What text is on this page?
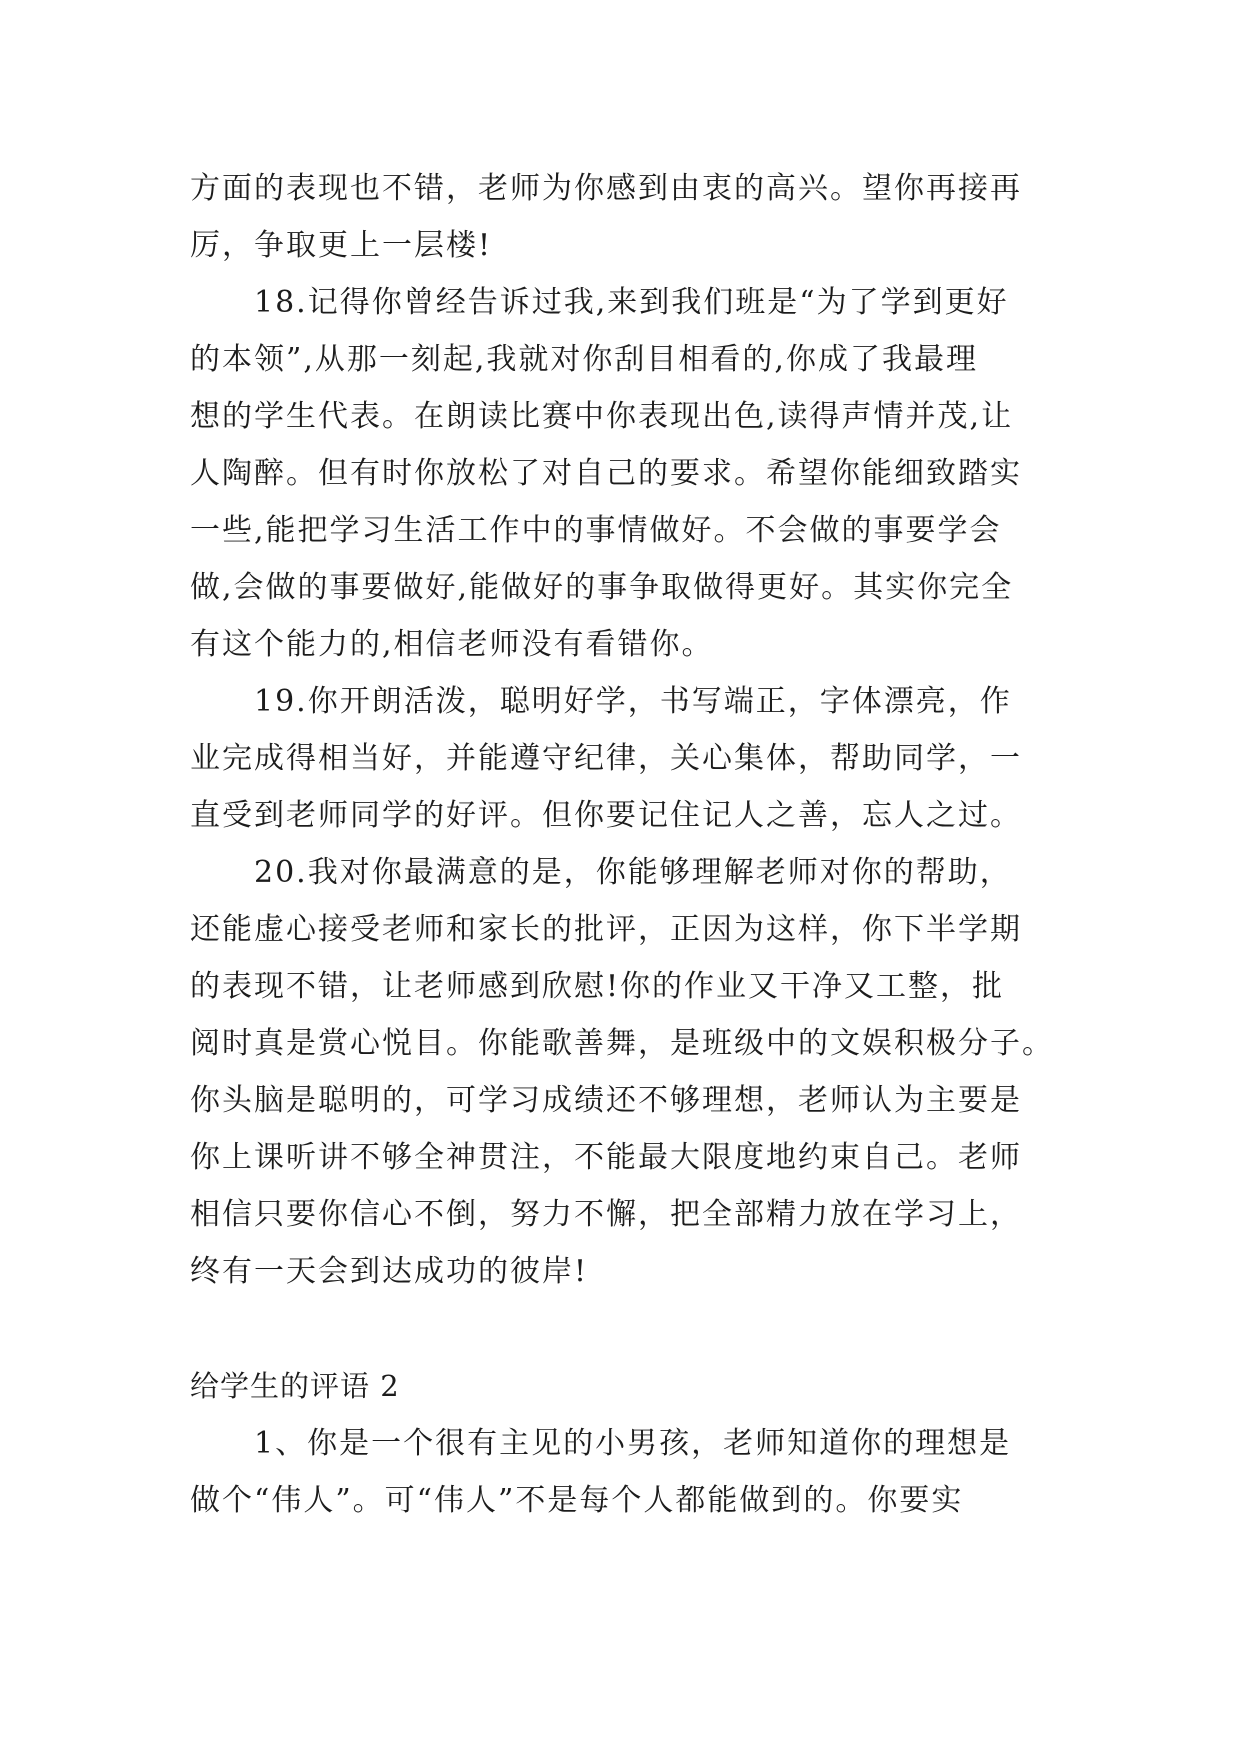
方面的表现也不错，老师为你感到由衷的高兴。望你再接再
厉，争取更上一层楼!
18.记得你曾经告诉过我,来到我们班是“为了学到更好
的本领”,从那一刻起,我就对你刮目相看的,你成了我最理
想的学生代表。在朗读比赛中你表现出色,读得声情并茂,让
人陶醉。但有时你放松了对自己的要求。希望你能细致踏实
一些,能把学习生活工作中的事情做好。不会做的事要学会
做,会做的事要做好,能做好的事争取做得更好。其实你完全
有这个能力的,相信老师没有看错你。
19.你开朗活泼，聪明好学，书写端正，字体漂亮，作
业完成得相当好，并能遵守纪律，关心集体，帮助同学，一
直受到老师同学的好评。但你要记住记人之善，忘人之过。
20.我对你最满意的是，你能够理解老师对你的帮助，
还能虚心接受老师和家长的批评，正因为这样，你下半学期
的表现不错，让老师感到欣慰!你的作业又干净又工整，批
阅时真是赏心悦目。你能歌善舞，是班级中的文娱积极分子。
你头脑是聪明的，可学习成绩还不够理想，老师认为主要是
你上课听讲不够全神贯注，不能最大限度地约束自己。老师
相信只要你信心不倒，努力不懈，把全部精力放在学习上，
终有一天会到达成功的彼岸!
给学生的评语 2
1、你是一个很有主见的小男孩，老师知道你的理想是
做个“伟人”。可“伟人”不是每个人都能做到的。你要实
